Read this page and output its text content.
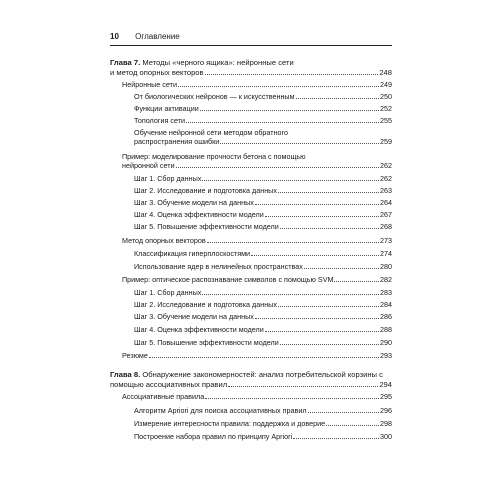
10 Оглавление
Глава 7. Методы «черного ящика»: нейронные сети
и метод опорных векторов	248
Нейронные сети	249
От биологических нейронов — к искусственным	250
Функции активации	252
Топология сети	255
Обучение нейронной сети методом обратного
распространения ошибки	259
Пример: моделирование прочности бетона с помощью
нейронной сети	262
Шаг 1. Сбор данных	262
Шаг 2. Исследование и подготовка данных	263
Шаг 3. Обучение модели на данных	264
Шаг 4. Оценка эффективности модели	267
Шаг 5. Повышение эффективности модели	268
Метод опорных векторов	273
Классификация гиперплоскостями	274
Использование ядер в нелинейных пространствах	280
Пример: оптическое распознавание символов с помощью SVM	282
Шаг 1. Сбор данных	283
Шаг 2. Исследование и подготовка данных	284
Шаг 3. Обучение модели на данных	286
Шаг 4. Оценка эффективности модели	288
Шаг 5. Повышение эффективности модели	290
Резюме	293
Глава 8. Обнаружение закономерностей: анализ потребительской корзины с
помощью ассоциативных правил	294
Ассоциативные правила	295
Алгоритм Apriori для поиска ассоциативных правил	296
Измерение интересности правила: поддержка и доверие	298
Построение набора правил по принципу Apriori	300
